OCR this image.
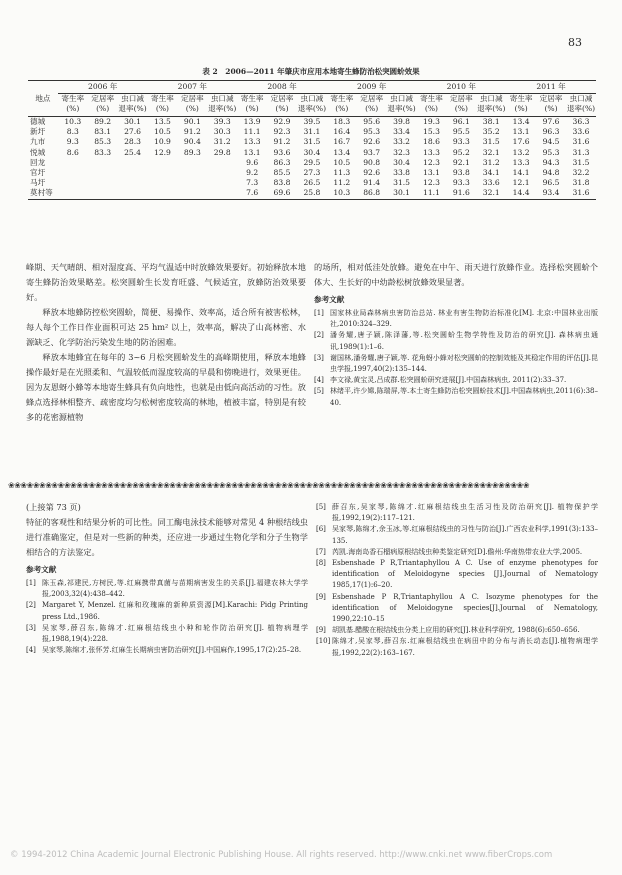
83
表 2　2006—2011 年肇庆市应用本地寄生蜂防治松突圆蚧效果
地点	2006 年			2007 年			2008 年			2009 年			2010 年			2011 年		
	寄生率(%)	定居率(%)	虫口减退率(%)	寄生率(%)	定居率(%)	虫口减退率(%)	寄生率(%)	定居率(%)	虫口减退率(%)	寄生率(%)	定居率(%)	虫口减退率(%)	寄生率(%)	定居率(%)	虫口减退率(%)	寄生率(%)	定居率(%)	虫口减退率(%)
德城	10.3	89.2	30.1	13.5	90.1	39.3	13.9	92.9	39.5	18.3	95.6	39.8	19.3	96.1	38.1	13.4	97.6	36.3
新圩	8.3	83.1	27.6	10.5	91.2	30.3	11.1	92.3	31.1	16.4	95.3	33.4	15.3	95.5	35.2	13.1	96.3	33.6
九市	9.3	85.3	28.3	10.9	90.4	31.2	13.3	91.2	31.5	16.7	92.6	33.2	18.6	93.3	31.5	17.6	94.5	31.6
悦城	8.6	83.3	25.4	12.9	89.3	29.8	13.1	93.6	30.4	13.4	93.7	32.3	13.3	95.2	32.1	13.2	95.3	31.3
回龙							9.6	86.3	29.5	10.5	90.8	30.4	12.3	92.1	31.2	13.3	94.3	31.5
官圩							9.2	85.5	27.3	11.3	92.6	33.8	13.1	93.8	34.1	14.1	94.8	32.2
马圩							7.3	83.8	26.5	11.2	91.4	31.5	12.3	93.3	33.6	12.1	96.5	31.8
莫村等							7.6	69.6	25.8	10.3	86.8	30.1	11.1	91.6	32.1	14.4	93.4	31.6

峰期、天气晴朗、相对湿度高、平均气温适中时放蜂效果要好。初始释放本地寄生蜂防治效果略差。松突圆蚧生长发育旺盛、气候适宜，放蜂防治效果要好。

释放本地蜂防控松突圆蚧，简便、易操作、效率高，适合所有被害松林，每人每个工作日作业面积可达 25 hm² 以上，效率高，解决了山高林密、水源缺乏、化学防治污染发生地的防治困难。

释放本地蜂宜在每年的 3~6 月松突圆蚧发生的高峰期使用，释放本地蜂操作最好是在光照柔和、气温较低而湿度较高的早晨和傍晚进行，效果更佳。因为友恩蚜小蜂等本地寄生蜂具有负向地性，也就是由低向高活动的习性。放蜂点选择林相整齐、疏密度均匀松树密度较高的林地，植被丰富，特别是有较多的花密源植物

的场所，相对低洼处放蜂。避免在中午、雨天进行放蜂作业。选择松突圆蚧个体大、生长好的中幼龄松树放蜂效果显著。

参考文献
[1] 国家林业局森林病虫害防治总站. 林业有害生物防治标准化[M]. 北京:中国林业出版社,2010:324–329.
[2] 潘务耀,唐子颖,陈泽藩,等.松突圆蚧生物学特性及防治的研究[J]. 森林病虫通讯,1989(1):1–6.
[3] 谢国林,潘务耀,唐子颖,等. 花角蚜小蜂对松突圆蚧的控制效能及其稳定作用的评估[J].昆虫学报,1997,40(2):135–144.
[4] 李文禄,黄宝灵,吕成群.松突圆蚧研究进展[J].中国森林病虫, 2011(2):33–37.
[5] 林绪平,许少嫦,陈瑞屏,等.本土寄生蜂防治松突圆蚧技术[J].中国森林病虫,2011(6):38–40.
❀❀❀❀❀❀❀❀❀❀❀❀❀❀❀❀❀❀❀❀❀❀❀❀❀❀❀❀❀❀❀❀❀❀❀❀❀❀❀❀❀❀❀❀❀❀❀❀❀❀❀❀❀❀❀❀❀❀❀❀❀❀❀❀❀❀❀❀❀❀❀❀❀❀❀❀❀❀❀❀❀❀❀❀

(上接第 73 页)

特征的客观性和结果分析的可比性。同工酶电泳技术能够对常见 4 种根结线虫进行准确鉴定，但是对一些新的种类，还应进一步通过生物化学和分子生物学相结合的方法鉴定。

参考文献
[1] 陈玉森,祁建民,方树民,等.红麻携带真菌与苗期病害发生的关系[J].福建农林大学学报,2003,32(4):438–442.
[2] Margaret Y, Menzel. 红麻和玫瑰麻的新种质资源[M].Karachi: Pidg Printing press Ltd.,1986.
[3] 吴家琴,薛召东,陈绵才.红麻根结线虫小种和轮作防治研究[J]. 植物病理学报,1988,19(4):228.
[4] 吴家琴,陈绵才,张怀芳.红麻生长期病虫害防治研究[J].中国麻作,1995,17(2):25–28.
[5] 薛召东,吴家琴,陈绵才.红麻根结线虫生活习性及防治研究[J]. 植物保护学报,1992,19(2):117–121.
[6] 吴家琴,陈绵才,余玉冰,等.红麻根结线虫的习性与防治[J].广西农业科学,1991(3):133–135.
[7] 芮凯.海南岛香石榴病原根结线虫种类鉴定研究[D].儋州:华南热带农业大学,2005.
[8] Esbenshade P R,Triantaphyllou A C. Use of enzyme phenotypes for identification of Meloidogyne species [J].Journal of Nematology 1985,17(1):6–20.
[9] Esbenshade P R,Triantaphyllou A C. Isozyme phenotypes for the identification of Meloidogyne species[J].Journal of Nematology, 1990,22:10–15
[9] 胡凯基.醋酸在根结线虫分类上应用的研究[J].林业科学研究, 1988(6):650–656.
[10] 陈绵才,吴家琴,薛召东.红麻根结线虫在病田中的分布与消长动态[J].植物病理学报,1992,22(2):163–167.
© 1994-2012 China Academic Journal Electronic Publishing House. All rights reserved. http://www.cnki.net www.fiberCrops.com
